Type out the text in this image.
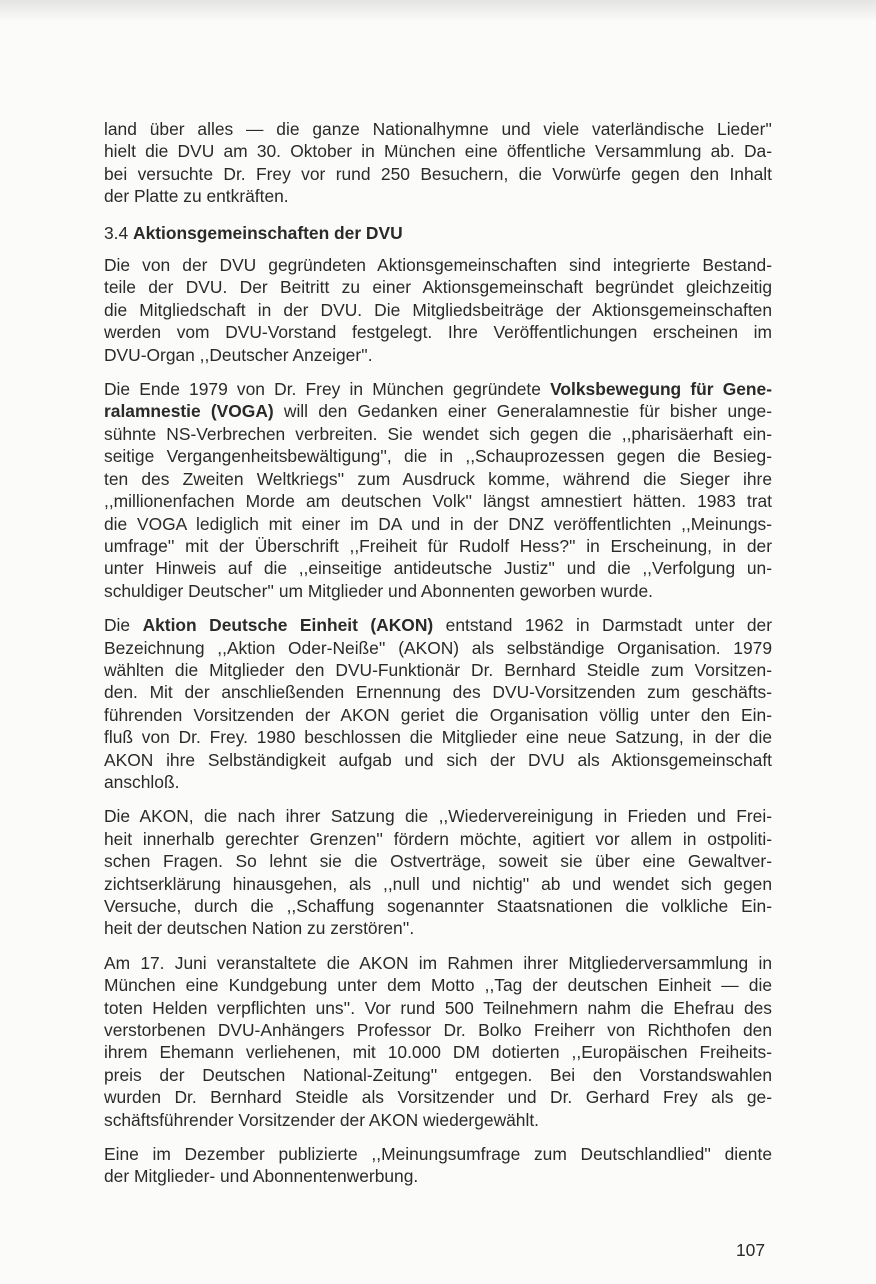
land über alles — die ganze Nationalhymne und viele vaterländische Lieder''
hielt die DVU am 30. Oktober in München eine öffentliche Versammlung ab. Da-
bei versuchte Dr. Frey vor rund 250 Besuchern, die Vorwürfe gegen den Inhalt
der Platte zu entkräften.
3.4 Aktionsgemeinschaften der DVU
Die von der DVU gegründeten Aktionsgemeinschaften sind integrierte Bestand-
teile der DVU. Der Beitritt zu einer Aktionsgemeinschaft begründet gleichzeitig
die Mitgliedschaft in der DVU. Die Mitgliedsbeiträge der Aktionsgemeinschaften
werden vom DVU-Vorstand festgelegt. Ihre Veröffentlichungen erscheinen im
DVU-Organ ,,Deutscher Anzeiger''.
Die Ende 1979 von Dr. Frey in München gegründete Volksbewegung für Gene-
ralamnestie (VOGA) will den Gedanken einer Generalamnestie für bisher unge-
sühnte NS-Verbrechen verbreiten. Sie wendet sich gegen die ,,pharisäerhaft ein-
seitige Vergangenheitsbewältigung'', die in ,,Schauprozessen gegen die Besieg-
ten des Zweiten Weltkriegs'' zum Ausdruck komme, während die Sieger ihre
,,millionenfachen Morde am deutschen Volk'' längst amnestiert hätten. 1983 trat
die VOGA lediglich mit einer im DA und in der DNZ veröffentlichten ,,Meinungs-
umfrage'' mit der Überschrift ,,Freiheit für Rudolf Hess?'' in Erscheinung, in der
unter Hinweis auf die ,,einseitige antideutsche Justiz'' und die ,,Verfolgung un-
schuldiger Deutscher'' um Mitglieder und Abonnenten geworben wurde.
Die Aktion Deutsche Einheit (AKON) entstand 1962 in Darmstadt unter der
Bezeichnung ,,Aktion Oder-Neiße'' (AKON) als selbständige Organisation. 1979
wählten die Mitglieder den DVU-Funktionär Dr. Bernhard Steidle zum Vorsitzen-
den. Mit der anschließenden Ernennung des DVU-Vorsitzenden zum geschäfts-
führenden Vorsitzenden der AKON geriet die Organisation völlig unter den Ein-
fluß von Dr. Frey. 1980 beschlossen die Mitglieder eine neue Satzung, in der die
AKON ihre Selbständigkeit aufgab und sich der DVU als Aktionsgemeinschaft
anschloß.
Die AKON, die nach ihrer Satzung die ,,Wiedervereinigung in Frieden und Frei-
heit innerhalb gerechter Grenzen'' fördern möchte, agitiert vor allem in ostpoliti-
schen Fragen. So lehnt sie die Ostverträge, soweit sie über eine Gewaltver-
zichtserklärung hinausgehen, als ,,null und nichtig'' ab und wendet sich gegen
Versuche, durch die ,,Schaffung sogenannter Staatsnationen die volkliche Ein-
heit der deutschen Nation zu zerstören''.
Am 17. Juni veranstaltete die AKON im Rahmen ihrer Mitgliederversammlung in
München eine Kundgebung unter dem Motto ,,Tag der deutschen Einheit — die
toten Helden verpflichten uns''. Vor rund 500 Teilnehmern nahm die Ehefrau des
verstorbenen DVU-Anhängers Professor Dr. Bolko Freiherr von Richthofen den
ihrem Ehemann verliehenen, mit 10.000 DM dotierten ,,Europäischen Freiheits-
preis der Deutschen National-Zeitung'' entgegen. Bei den Vorstandswahlen
wurden Dr. Bernhard Steidle als Vorsitzender und Dr. Gerhard Frey als ge-
schäftsführender Vorsitzender der AKON wiedergewählt.
Eine im Dezember publizierte ,,Meinungsumfrage zum Deutschlandlied'' diente
der Mitglieder- und Abonnentenwerbung.
107
